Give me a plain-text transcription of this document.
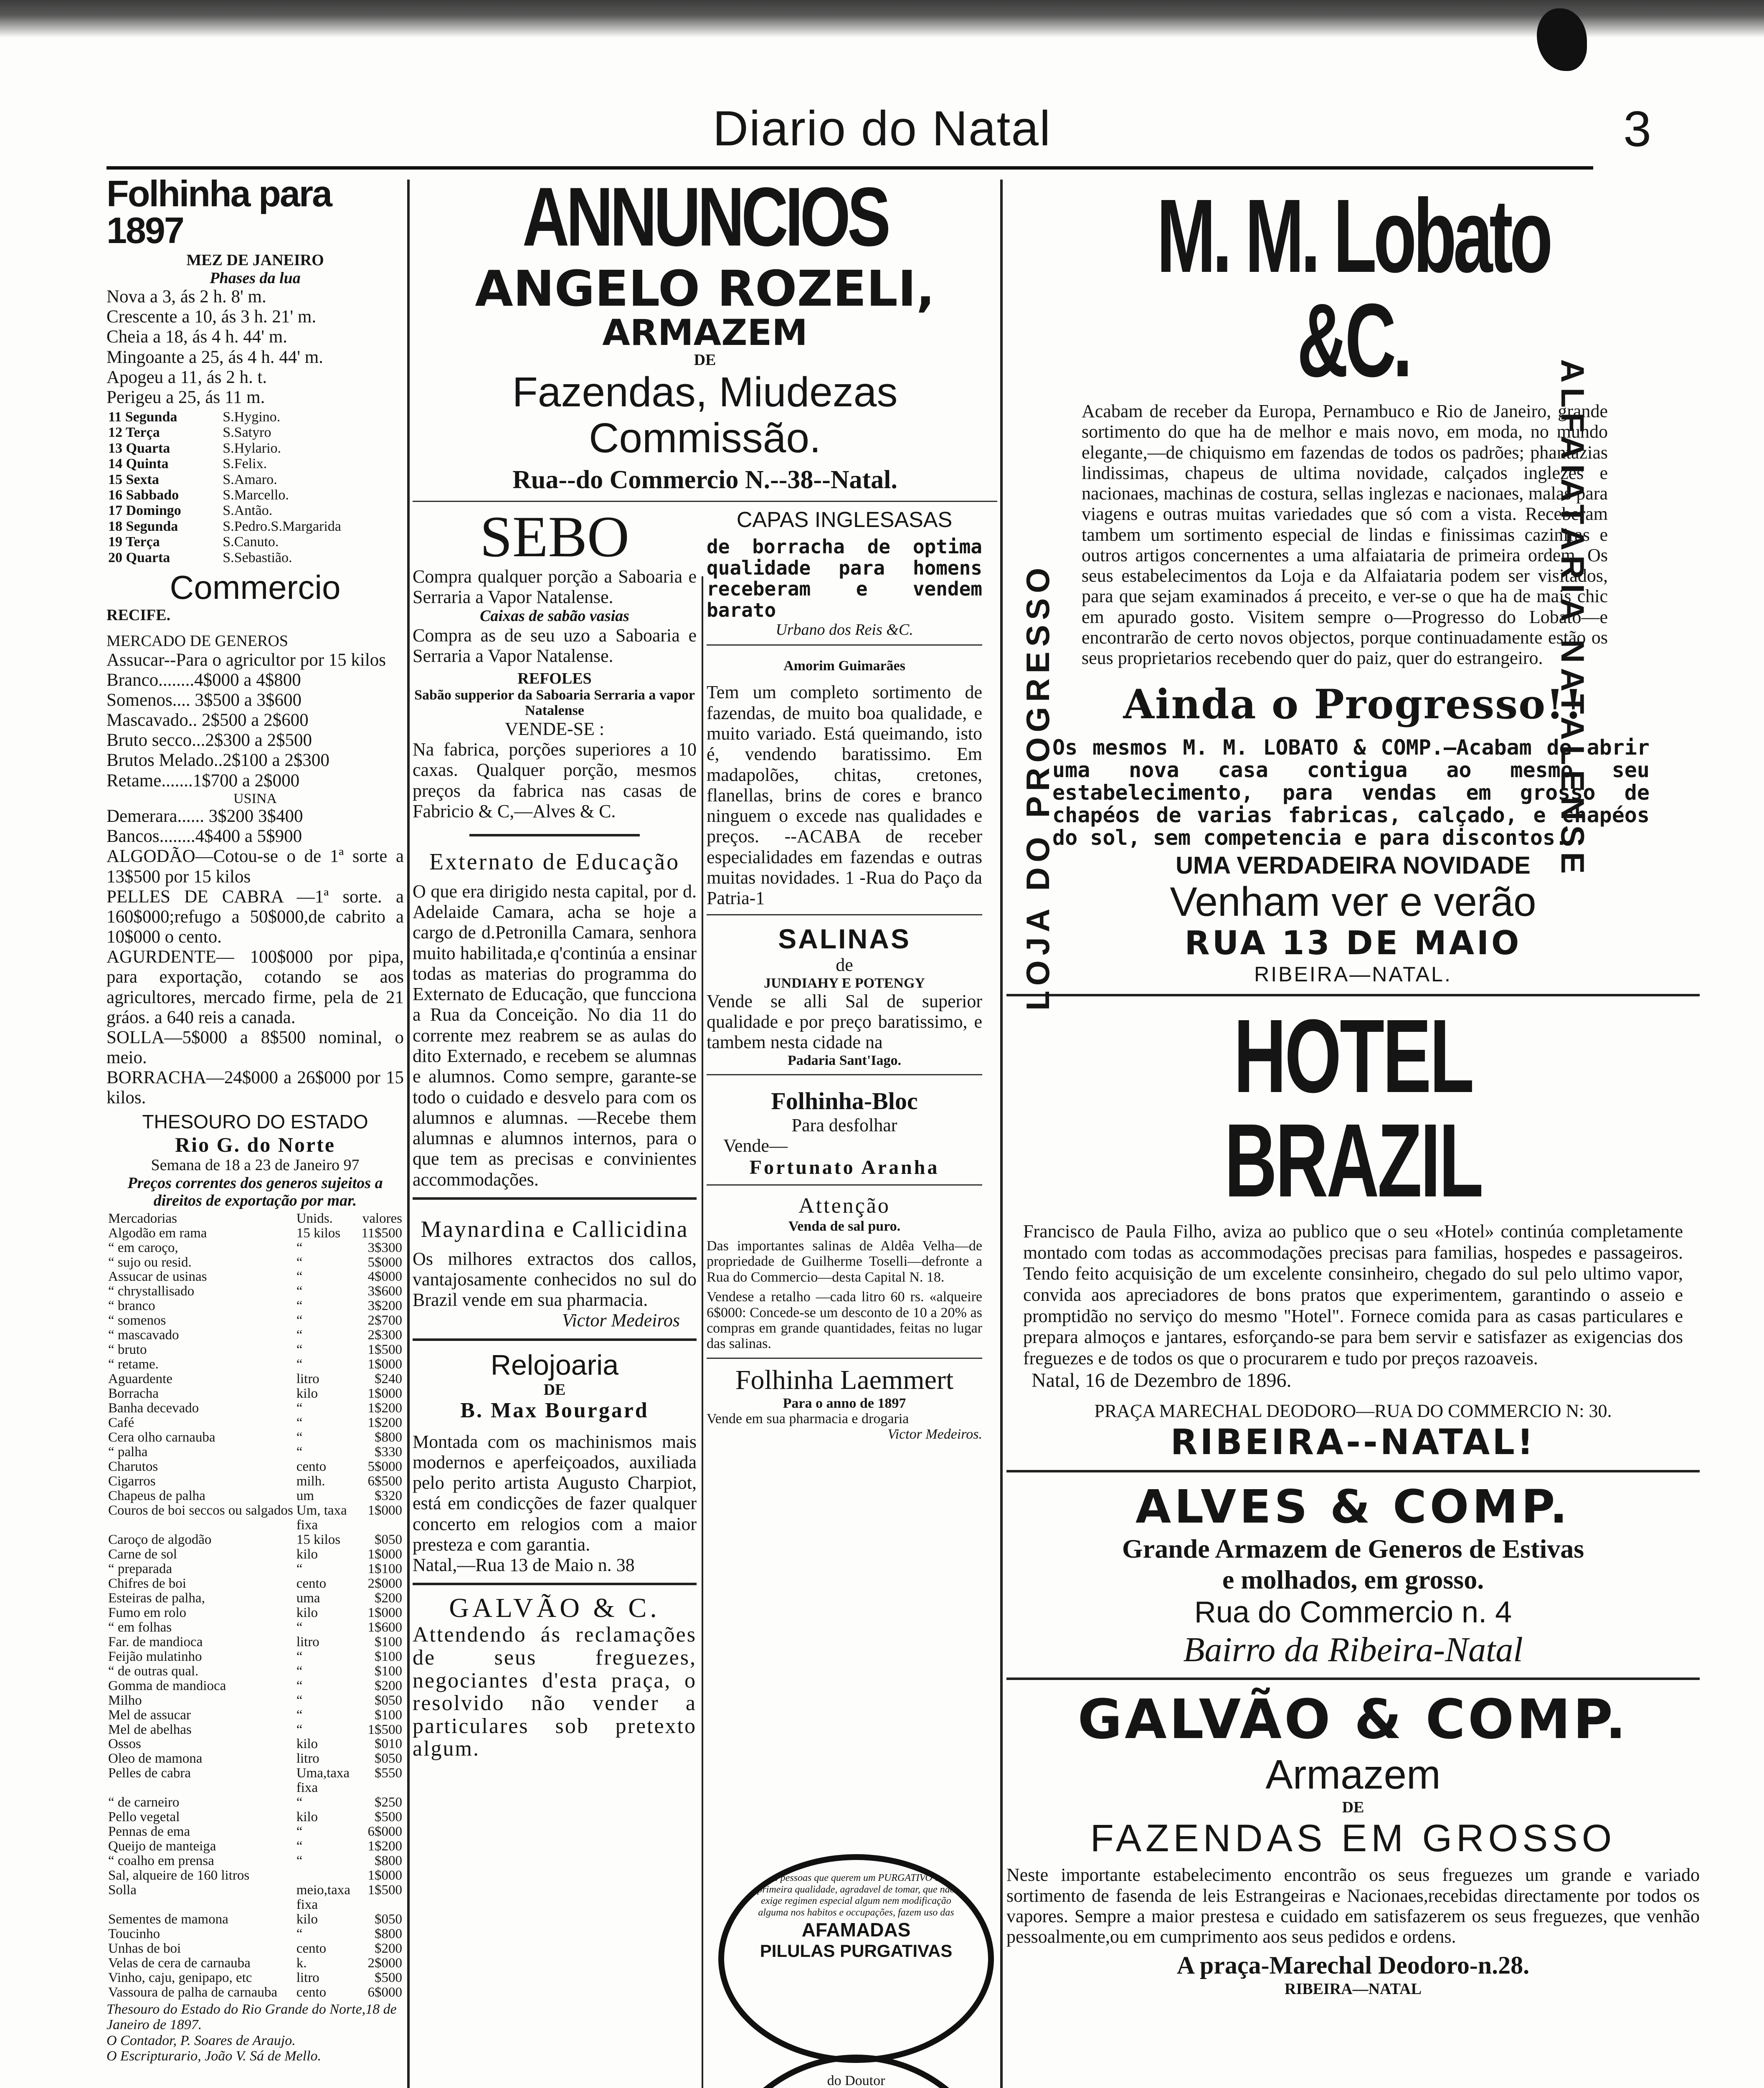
Diario do Natal	3
Folhinha para 1897
MEZ DE JANEIRO
Phases da lua
Nova a 3, ás 2 h. 8' m.
Crescente a 10, ás 3 h. 21' m.
Cheia a 18, ás 4 h. 44' m.
Mingoante a 25, ás 4 h. 44' m.
Apogeu a 11, ás 2 h. t.
Perigeu a 25, ás 11 m.
11 Segunda	S.Hygino.
12 Terça	S.Satyro
13 Quarta	S.Hylario.
14 Quinta	S.Felix.
15 Sexta	S.Amaro.
16 Sabbado	S.Marcello.
17 Domingo	S.Antão.
18 Segunda	S.Pedro.S.Margarida
19 Terça	S.Canuto.
20 Quarta	S.Sebastião.
Commercio
RECIFE.
MERCADO DE GENEROS
Assucar--Para o agricultor por 15 kilos
Branco........4$000 a 4$800
Somenos.... 3$500 a 3$600
Mascavado.. 2$500 a 2$600
Bruto secco...2$300 a 2$500
Brutos Melado..2$100 a 2$300
Retame.......1$700 a 2$000
USINA
Demerara...... 3$200 3$400
Bancos........4$400 a 5$900
ALGODÃO—Cotou-se o de 1ª sorte a 13$500 por 15 kilos
PELLES DE CABRA —1ª sorte. a 160$000;refugo a 50$000,de cabrito a 10$000 o cento.
AGURDENTE— 100$000 por pipa, para exportação, cotando se aos agricultores, mercado firme, pela de 21 gráos. a 640 reis a canada.
SOLLA—5$000 a 8$500 nominal, o meio.
BORRACHA—24$000 a 26$000 por 15 kilos.
THESOURO DO ESTADO
Rio G. do Norte
Semana de 18 a 23 de Janeiro 97
Preços correntes dos generos sujeitos a direitos de exportação por mar.
Mercadorias	Unids.	valores
Algodão em rama	15 kilos	11$500
“ em caroço,	“	3$300
“ sujo ou resid.	“	5$000
Assucar de usinas	“	4$000
“ chrystallisado	“	3$600
“ branco	“	3$200
“ somenos	“	2$700
“ mascavado	“	2$300
“ bruto	“	1$500
“ retame.	“	1$000
Aguardente	litro	$240
Borracha	kilo	1$000
Banha decevado	“	1$200
Café	“	1$200
Cera olho carnauba	“	$800
“ palha	“	$330
Charutos	cento	5$000
Cigarros	milh.	6$500
Chapeus de palha	um	$320
Couros de boi seccos ou salgados	Um, taxa fixa	1$000
Caroço de algodão	15 kilos	$050
Carne de sol	kilo	1$000
“ preparada	“	1$100
Chifres de boi	cento	2$000
Esteiras de palha,	uma	$200
Fumo em rolo	kilo	1$000
“ em folhas	“	1$600
Far. de mandioca	litro	$100
Feijão mulatinho	“	$100
“ de outras qual.	“	$100
Gomma de mandioca	“	$200
Milho	“	$050
Mel de assucar	“	$100
Mel de abelhas	“	1$500
Ossos	kilo	$010
Oleo de mamona	litro	$050
Pelles de cabra	Uma,taxa fixa	$550
“ de carneiro	“	$250
Pello vegetal	kilo	$500
Pennas de ema	“	6$000
Queijo de manteiga	“	1$200
“ coalho em prensa	“	$800
Sal, alqueire de 160 litros		1$000
Solla	meio,taxa fixa	1$500
Sementes de mamona	kilo	$050
Toucinho	“	$800
Unhas de boi	cento	$200
Velas de cera de carnauba	k.	2$000
Vinho, caju, genipapo, etc	litro	$500
Vassoura de palha de carnauba	cento	6$000
Thesouro do Estado do Rio Grande do Norte,18 de Janeiro de 1897.
O Contador, P. Soares de Araujo.
O Escripturario, João V. Sá de Mello.
ANNUNCIOS
ANGELO ROZELI,
ARMAZEM
DE
Fazendas, Miudezas
Commissão.
Rua--do Commercio N.--38--Natal.
SEBO
Compra qualquer porção a Saboaria e Serraria a Vapor Natalense.
Caixas de sabão vasias
Compra as de seu uzo a Saboaria e Serraria a Vapor Natalense.
REFOLES
Sabão supperior da Saboaria Serraria a vapor Natalense
VENDE-SE :
Na fabrica, porções superiores a 10 caxas. Qualquer porção, mesmos preços da fabrica nas casas de Fabricio & C,—Alves & C.
Externato de Educação
O que era dirigido nesta capital, por d. Adelaide Camara, acha se hoje a cargo de d.Petronilla Camara, senhora muito habilitada,e q'continúa a ensinar todas as materias do programma do Externato de Educação, que funcciona a Rua da Conceição. No dia 11 do corrente mez reabrem se as aulas do dito Externado, e recebem se alumnas e alumnos. Como sempre, garante-se todo o cuidado e desvelo para com os alumnos e alumnas. —Recebe them alumnas e alumnos internos, para o que tem as precisas e convinientes accommodações.
Maynardina e Callicidina
Os milhores extractos dos callos, vantajosamente conhecidos no sul do Brazil vende em sua pharmacia.
Victor Medeiros
Relojoaria
DE
B. Max Bourgard
Montada com os machinismos mais modernos e aperfeiçoados, auxiliada pelo perito artista Augusto Charpiot, está em condicções de fazer qualquer concerto em relogios com a maior presteza e com garantia.
Natal,—Rua 13 de Maio n. 38
GALVÃO & C.
Attendendo ás reclamações de seus freguezes, negociantes d'esta praça, o resolvido não vender a particulares sob pretexto algum.
CAPAS INGLESASAS
de borracha de optima qualidade para homens receberam e vendem barato
Urbano dos Reis &C.
Amorim Guimarães
Tem um completo sortimento de fazendas, de muito boa qualidade, e muito variado. Está queimando, isto é, vendendo baratissimo. Em madapolões, chitas, cretones, flanellas, brins de cores e branco ninguem o excede nas qualidades e preços. --ACABA de receber especialidades em fazendas e outras muitas novidades. 1 -Rua do Paço da Patria-1
SALINAS
de
JUNDIAHY E POTENGY
Vende se alli Sal de superior qualidade e por preço baratissimo, e tambem nesta cidade na
Padaria Sant'Iago.
Folhinha-Bloc
Para desfolhar
Vende—
Fortunato Aranha
Attenção
Venda de sal puro.
Das importantes salinas de Aldêa Velha—de propriedade de Guilherme Toselli—defronte a Rua do Commercio—desta Capital N. 18.
Vendese a retalho —cada litro 60 rs. «alqueire 6$000: Concede-se um desconto de 10 a 20% as compras em grande quantidades, feitas no lugar das salinas.
Folhinha Laemmert
Para o anno de 1897
Vende em sua pharmacia e drogaria
Victor Medeiros.
As pessoas que querem um PURGATIVO de primeira qualidade, agradavel de tomar, que não exige regimen especial algum nem modificação alguma nos habitos e occupações, fazem uso das
AFAMADAS
PILULAS PURGATIVAS
do Doutor
M. M. Lobato &C.
Acabam de receber da Europa, Pernambuco e Rio de Janeiro, grande sortimento do que ha de melhor e mais novo, em moda, no mundo elegante,—de chiquismo em fazendas de todos os padrões; phantazias lindissimas, chapeus de ultima novidade, calçados inglezes e nacionaes, machinas de costura, sellas inglezas e nacionaes, malas para viagens e outras muitas variedades que só com a vista. Receberam tambem um sortimento especial de lindas e finissimas caziniras e outros artigos concernentes a uma alfaiataria de primeira ordem. Os seus estabelecimentos da Loja e da Alfaiataria podem ser visitados, para que sejam examinados á preceito, e ver-se o que ha de mais chic em apurado gosto. Visitem sempre o—Progresso do Lobato—e encontrarão de certo novos objectos, porque continuadamente estão os seus proprietarios recebendo quer do paiz, quer do estrangeiro.
Ainda o Progresso!!
Os mesmos M. M. LOBATO & COMP.—Acabam de abrir uma nova casa contigua ao mesmo seu estabelecimento, para vendas em grosso de chapéos de varias fabricas, calçado, e chapéos do sol, sem competencia e para discontos.
UMA VERDADEIRA NOVIDADE
Venham ver e verão
RUA 13 DE MAIO
RIBEIRA—NATAL.
HOTEL BRAZIL
Francisco de Paula Filho, aviza ao publico que o seu «Hotel» continúa completamente montado com todas as accommodações precisas para familias, hospedes e passageiros. Tendo feito acquisição de um excelente consinheiro, chegado do sul pelo ultimo vapor, convida aos apreciadores de bons pratos que experimentem, garantindo o asseio e promptidão no serviço do mesmo "Hotel". Fornece comida para as casas particulares e prepara almoços e jantares, esforçando-se para bem servir e satisfazer as exigencias dos freguezes e de todos os que o procurarem e tudo por preços razoaveis.
Natal, 16 de Dezembro de 1896.
PRAÇA MARECHAL DEODORO—RUA DO COMMERCIO N: 30.
RIBEIRA--NATAL!
ALVES & COMP.
Grande Armazem de Generos de Estivas
e molhados, em grosso.
Rua do Commercio n. 4
Bairro da Ribeira-Natal
GALVÃO & COMP.
Armazem
DE
FAZENDAS EM GROSSO
Neste importante estabelecimento encontrão os seus freguezes um grande e variado sortimento de fasenda de leis Estrangeiras e Nacionaes,recebidas directamente por todos os vapores. Sempre a maior prestesa e cuidado em satisfazerem os seus freguezes, que venhão pessoalmente,ou em cumprimento aos seus pedidos e ordens.
A praça-Marechal Deodoro-n.28.
RIBEIRA—NATAL
LOJA DO PROGRESSO	ALFAIATARIA NATALENSE
